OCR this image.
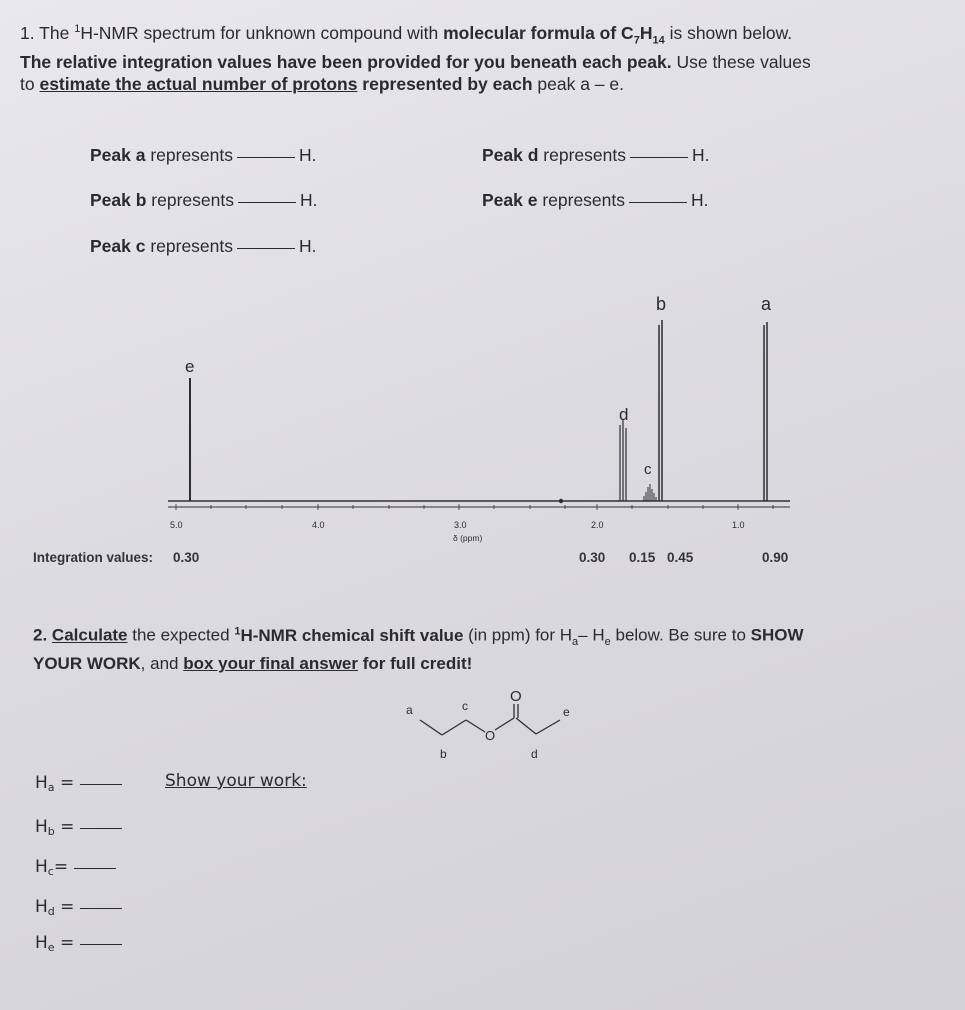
1. The $^1$H-NMR spectrum for unknown compound with molecular formula of $C_7H_{14}$ is shown below.
The relative integration values have been provided for you beneath each peak. Use these values
to estimate the actual number of protons represented by each peak a – e.
Peak a represents	H.
Peak b represents	H.
Peak c represents	H.
Peak d represents	H.
Peak e represents	H.
e
d
c
b	a
5.0	4.0	3.0	2.0	1.0
δ (ppm)
Integration values: 0.30	0.30 0.15 0.45	0.90
2. Calculate the expected $^1$H-NMR chemical shift value (in ppm) for $H_a-$ $H_e$ below. Be sure to SHOW
YOUR WORK, and box your final answer for full credit!
O
O
a
b
c
d
e
$H_a$ =
$H_b$ =
$H_c=$
$H_d$ =
$H_e$ =
Show your work:
